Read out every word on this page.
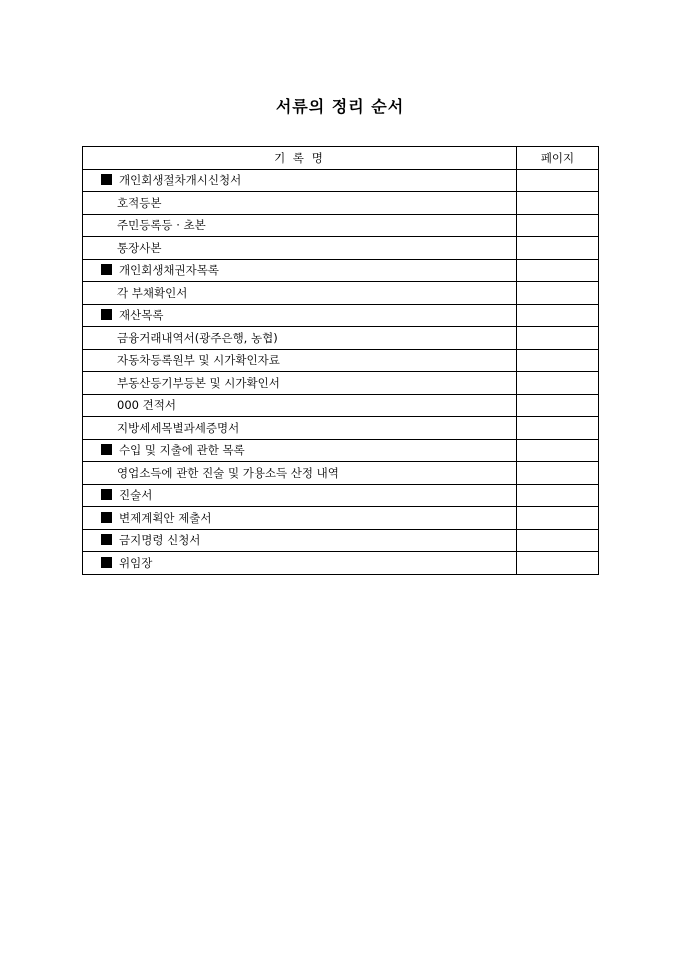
서류의 정리 순서
기 록 명	페이지
개인회생절차개시신청서	
호적등본	
주민등록등 · 초본	
통장사본	
개인회생채권자목록	
각 부채확인서	
재산목록	
금융거래내역서(광주은행, 농협)	
자동차등록원부 및 시가확인자료	
부동산등기부등본 및 시가확인서	
000 견적서	
지방세세목별과세증명서	
수입 및 지출에 관한 목록	
영업소득에 관한 진술 및 가용소득 산정 내역	
진술서	
변제계획안 제출서	
금지명령 신청서	
위임장	
